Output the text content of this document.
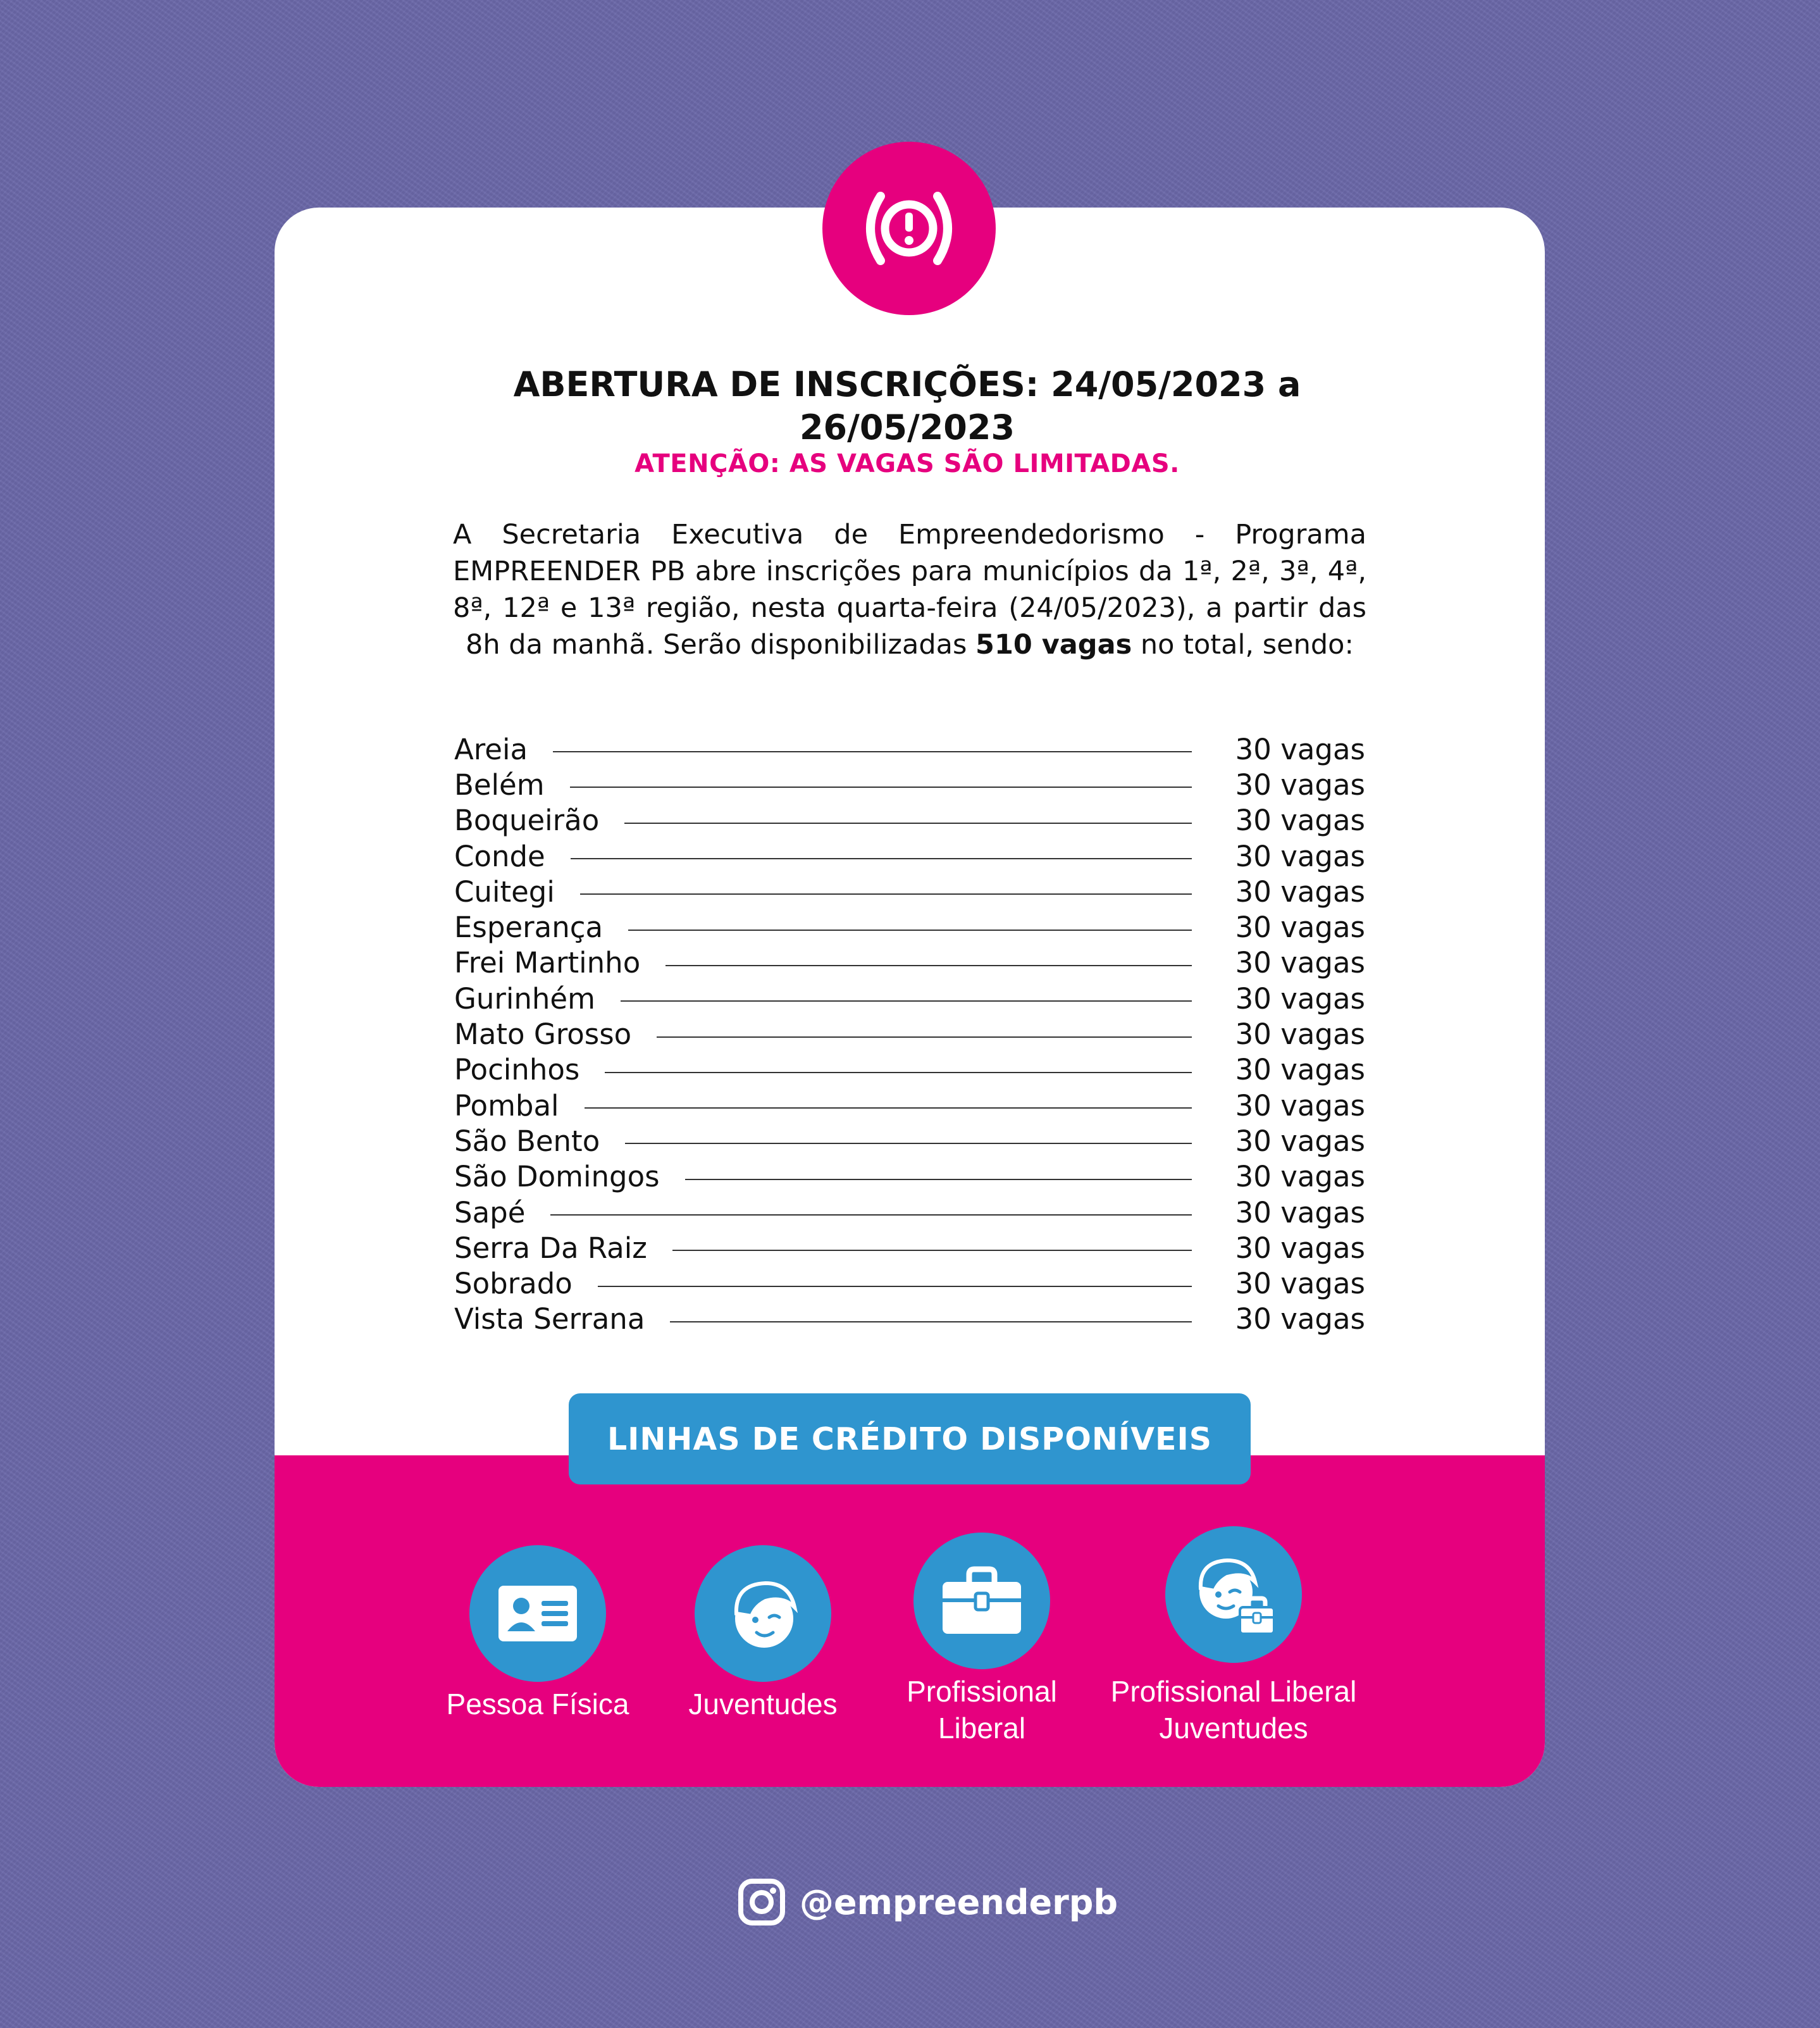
ABERTURA DE INSCRIÇÕES: 24/05/2023 a 26/05/2023
ATENÇÃO: AS VAGAS SÃO LIMITADAS.
A Secretaria Executiva de Empreendedorismo - Programa EMPREENDER PB abre inscrições para municípios da 1ª, 2ª, 3ª, 4ª, 8ª, 12ª e 13ª região, nesta quarta-feira (24/05/2023), a partir das 8h da manhã. Serão disponibilizadas 510 vagas no total, sendo:
Areia	30 vagas
Belém	30 vagas
Boqueirão	30 vagas
Conde	30 vagas
Cuitegi	30 vagas
Esperança	30 vagas
Frei Martinho	30 vagas
Gurinhém	30 vagas
Mato Grosso	30 vagas
Pocinhos	30 vagas
Pombal	30 vagas
São Bento	30 vagas
São Domingos	30 vagas
Sapé	30 vagas
Serra Da Raiz	30 vagas
Sobrado	30 vagas
Vista Serrana	30 vagas
LINHAS DE CRÉDITO DISPONÍVEIS
Pessoa Física	Juventudes	Profissional
Liberal
Profissional Liberal
Juventudes
@empreenderpb
